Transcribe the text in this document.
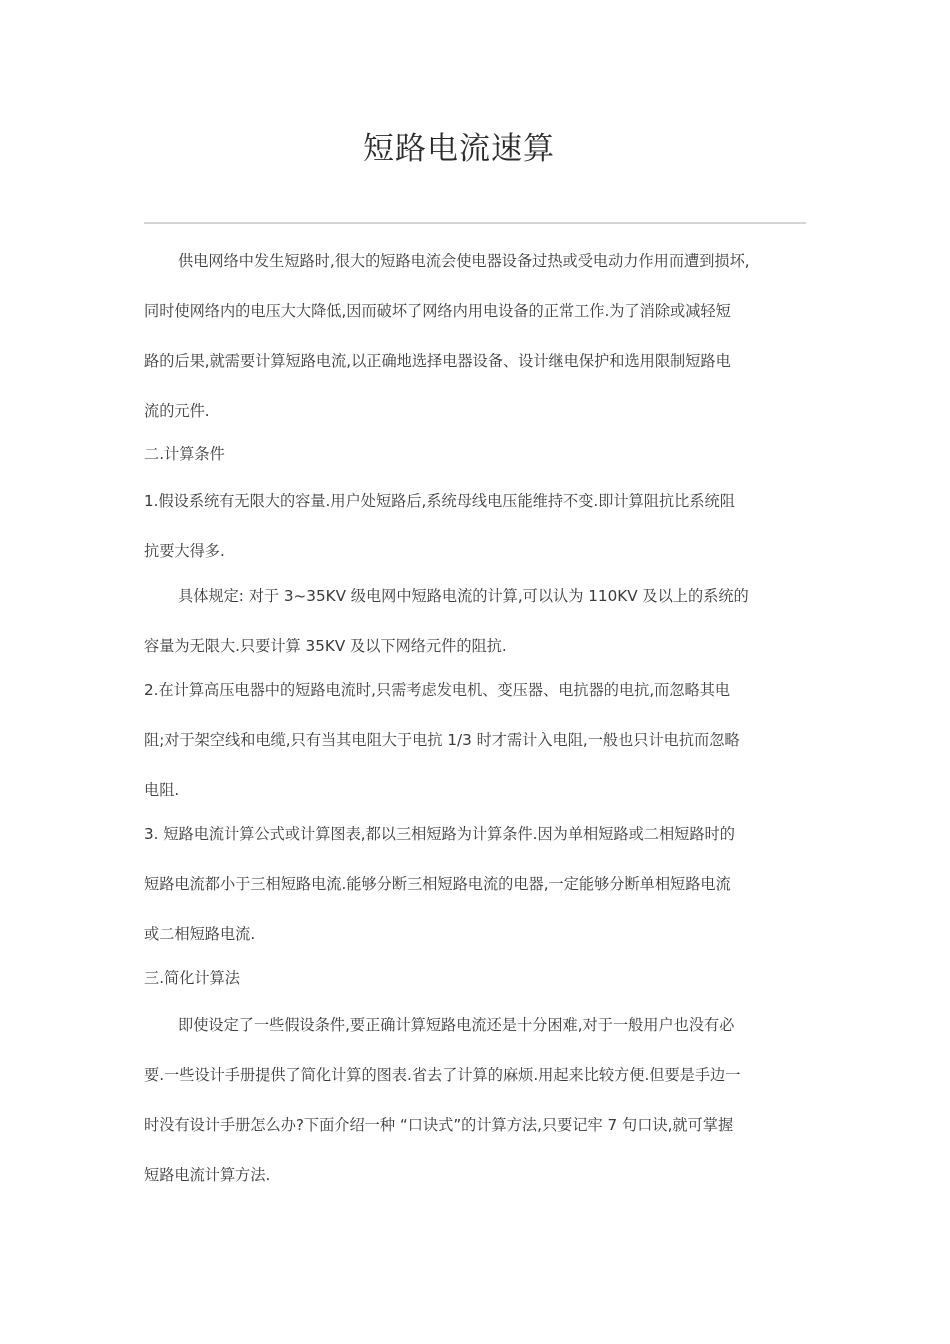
短路电流速算
供电网络中发生短路时,很大的短路电流会使电器设备过热或受电动力作用而遭到损坏,
同时使网络内的电压大大降低,因而破坏了网络内用电设备的正常工作.为了消除或减轻短
路的后果,就需要计算短路电流,以正确地选择电器设备、设计继电保护和选用限制短路电
流的元件.
二.计算条件
1.假设系统有无限大的容量.用户处短路后,系统母线电压能维持不变.即计算阻抗比系统阻
抗要大得多.
具体规定: 对于 3~35KV 级电网中短路电流的计算,可以认为 110KV 及以上的系统的
容量为无限大.只要计算 35KV 及以下网络元件的阻抗.
2.在计算高压电器中的短路电流时,只需考虑发电机、变压器、电抗器的电抗,而忽略其电
阻;对于架空线和电缆,只有当其电阻大于电抗 1/3 时才需计入电阻,一般也只计电抗而忽略
电阻.
3. 短路电流计算公式或计算图表,都以三相短路为计算条件.因为单相短路或二相短路时的
短路电流都小于三相短路电流.能够分断三相短路电流的电器,一定能够分断单相短路电流
或二相短路电流.
三.简化计算法
即使设定了一些假设条件,要正确计算短路电流还是十分困难,对于一般用户也没有必
要.一些设计手册提供了简化计算的图表.省去了计算的麻烦.用起来比较方便.但要是手边一
时没有设计手册怎么办?下面介绍一种 “口诀式”的计算方法,只要记牢 7 句口诀,就可掌握
短路电流计算方法.
